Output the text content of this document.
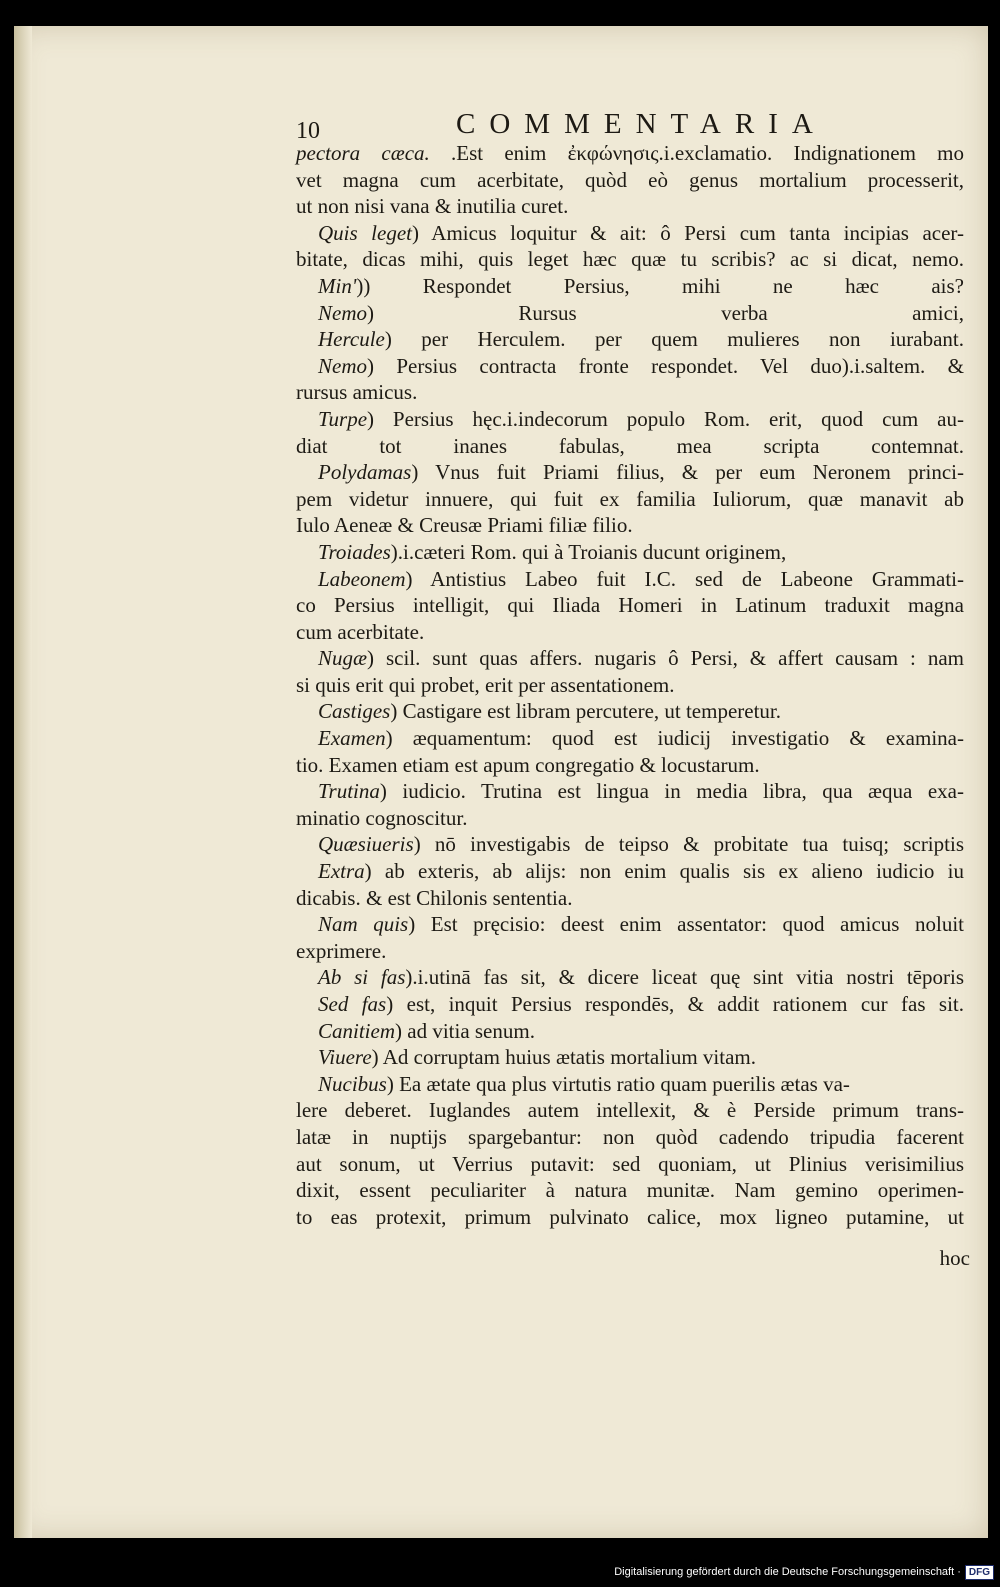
10	COMMENTARIA
pectora cæca. .Est enim ἐκφώνησις.i.exclamatio. Indignationem mo
vet magna cum acerbitate, quòd eò genus mortalium processerit,
ut non nisi vana & inutilia curet.
Quis leget) Amicus loquitur & ait: ô Persi cum tanta incipias acer-
bitate, dicas mihi, quis leget hæc quæ tu scribis? ac si dicat, nemo.
Min')) Respondet Persius, mihi ne hæc ais?
Nemo) Rursus verba amici,
Hercule) per Herculem. per quem mulieres non iurabant.
Nemo) Persius contracta fronte respondet. Vel duo).i.saltem. &
rursus amicus.
Turpe) Persius hęc.i.indecorum populo Rom. erit, quod cum au-
diat tot inanes fabulas, mea scripta contemnat.
Polydamas) Vnus fuit Priami filius, & per eum Neronem princi-
pem videtur innuere, qui fuit ex familia Iuliorum, quæ manavit ab
Iulo Aeneæ & Creusæ Priami filiæ filio.
Troiades).i.cæteri Rom. qui à Troianis ducunt originem,
Labeonem) Antistius Labeo fuit I.C. sed de Labeone Grammati-
co Persius intelligit, qui Iliada Homeri in Latinum traduxit magna
cum acerbitate.
Nugæ) scil. sunt quas affers. nugaris ô Persi, & affert causam : nam
si quis erit qui probet, erit per assentationem.
Castiges) Castigare est libram percutere, ut temperetur.
Examen) æquamentum: quod est iudicij investigatio & examina-
tio. Examen etiam est apum congregatio & locustarum.
Trutina) iudicio. Trutina est lingua in media libra, qua æqua exa-
minatio cognoscitur.
Quæsiueris) nō investigabis de teipso & probitate tua tuisq; scriptis
Extra) ab exteris, ab alijs: non enim qualis sis ex alieno iudicio iu
dicabis. & est Chilonis sententia.
Nam quis) Est pręcisio: deest enim assentator: quod amicus noluit
exprimere.
Ab si fas).i.utinā fas sit, & dicere liceat quę sint vitia nostri tēporis
Sed fas) est, inquit Persius respondēs, & addit rationem cur fas sit.
Canitiem) ad vitia senum.
Viuere) Ad corruptam huius ætatis mortalium vitam.
Nucibus) Ea ætate qua plus virtutis ratio quam puerilis ætas va-
lere deberet. Iuglandes autem intellexit, & è Perside primum trans-
latæ in nuptijs spargebantur: non quòd cadendo tripudia facerent
aut sonum, ut Verrius putavit: sed quoniam, ut Plinius verisimilius
dixit, essent peculiariter à natura munitæ. Nam gemino operimen-
to eas protexit, primum pulvinato calice, mox ligneo putamine, ut
hoc
Digitalisierung gefördert durch die Deutsche Forschungsgemeinschaft · DFG
